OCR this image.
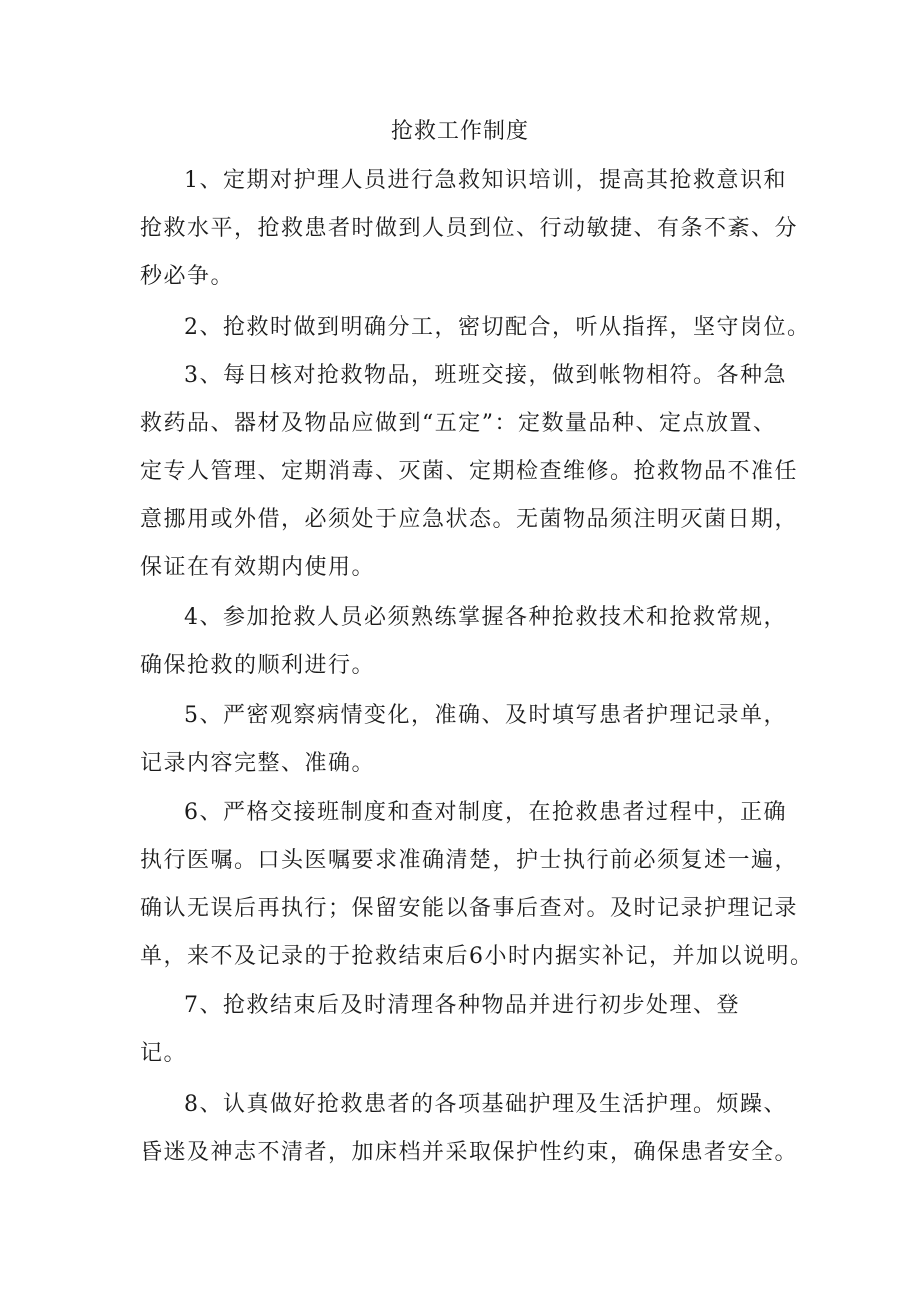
抢救工作制度
1、定期对护理人员进行急救知识培训，提高其抢救意识和
抢救水平，抢救患者时做到人员到位、行动敏捷、有条不紊、分
秒必争。
2、抢救时做到明确分工，密切配合，听从指挥，坚守岗位。
3、每日核对抢救物品，班班交接，做到帐物相符。各种急
救药品、器材及物品应做到“五定”：定数量品种、定点放置、
定专人管理、定期消毒、灭菌、定期检查维修。抢救物品不准任
意挪用或外借，必须处于应急状态。无菌物品须注明灭菌日期，
保证在有效期内使用。
4、参加抢救人员必须熟练掌握各种抢救技术和抢救常规，
确保抢救的顺利进行。
5、严密观察病情变化，准确、及时填写患者护理记录单，
记录内容完整、准确。
6、严格交接班制度和查对制度，在抢救患者过程中，正确
执行医嘱。口头医嘱要求准确清楚，护士执行前必须复述一遍，
确认无误后再执行；保留安能以备事后查对。及时记录护理记录
单，来不及记录的于抢救结束后6小时内据实补记，并加以说明。
7、抢救结束后及时清理各种物品并进行初步处理、登
记。
8、认真做好抢救患者的各项基础护理及生活护理。烦躁、
昏迷及神志不清者，加床档并采取保护性约束，确保患者安全。
